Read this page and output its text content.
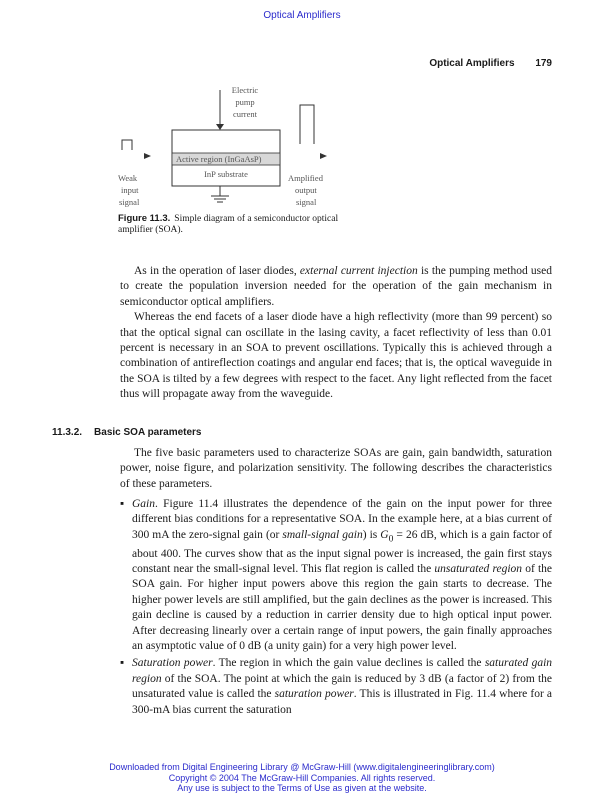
Optical Amplifiers
Optical Amplifiers 179
Electric
pump
current
Active region (InGaAsP)
InP substrate
Weak
input
signal
Amplified
output
signal
Figure 11.3. Simple diagram of a semiconductor optical amplifier (SOA).

As in the operation of laser diodes, external current injection is the pumping method used to create the population inversion needed for the operation of the gain mechanism in semiconductor optical amplifiers.

Whereas the end facets of a laser diode have a high reflectivity (more than 99 percent) so that the optical signal can oscillate in the lasing cavity, a facet reflectivity of less than 0.01 percent is necessary in an SOA to prevent oscillations. Typically this is achieved through a combination of antireflection coatings and angular end faces; that is, the optical waveguide in the SOA is tilted by a few degrees with respect to the facet. Any light reflected from the facet thus will propagate away from the waveguide.

11.3.2. Basic SOA parameters

The five basic parameters used to characterize SOAs are gain, gain bandwidth, saturation power, noise figure, and polarization sensitivity. The following describes the characteristics of these parameters.

▪ Gain. Figure 11.4 illustrates the dependence of the gain on the input power for three different bias conditions for a representative SOA. In the example here, at a bias current of 300 mA the zero-signal gain (or small-signal gain) is $G_0 = 26$ dB, which is a gain factor of about 400. The curves show that as the input signal power is increased, the gain first stays constant near the small-signal level. This flat region is called the unsaturated region of the SOA gain. For higher input powers above this region the gain starts to decrease. The higher power levels are still amplified, but the gain declines as the power is increased. This gain decline is caused by a reduction in carrier density due to high optical input power. After decreasing linearly over a certain range of input powers, the gain finally approaches an asymptotic value of 0 dB (a unity gain) for a very high power level.
▪ Saturation power. The region in which the gain value declines is called the saturated gain region of the SOA. The point at which the gain is reduced by 3 dB (a factor of 2) from the unsaturated value is called the saturation power. This is illustrated in Fig. 11.4 where for a 300-mA bias current the saturation
Downloaded from Digital Engineering Library @ McGraw-Hill (www.digitalengineeringlibrary.com)
Copyright © 2004 The McGraw-Hill Companies. All rights reserved.
Any use is subject to the Terms of Use as given at the website.
